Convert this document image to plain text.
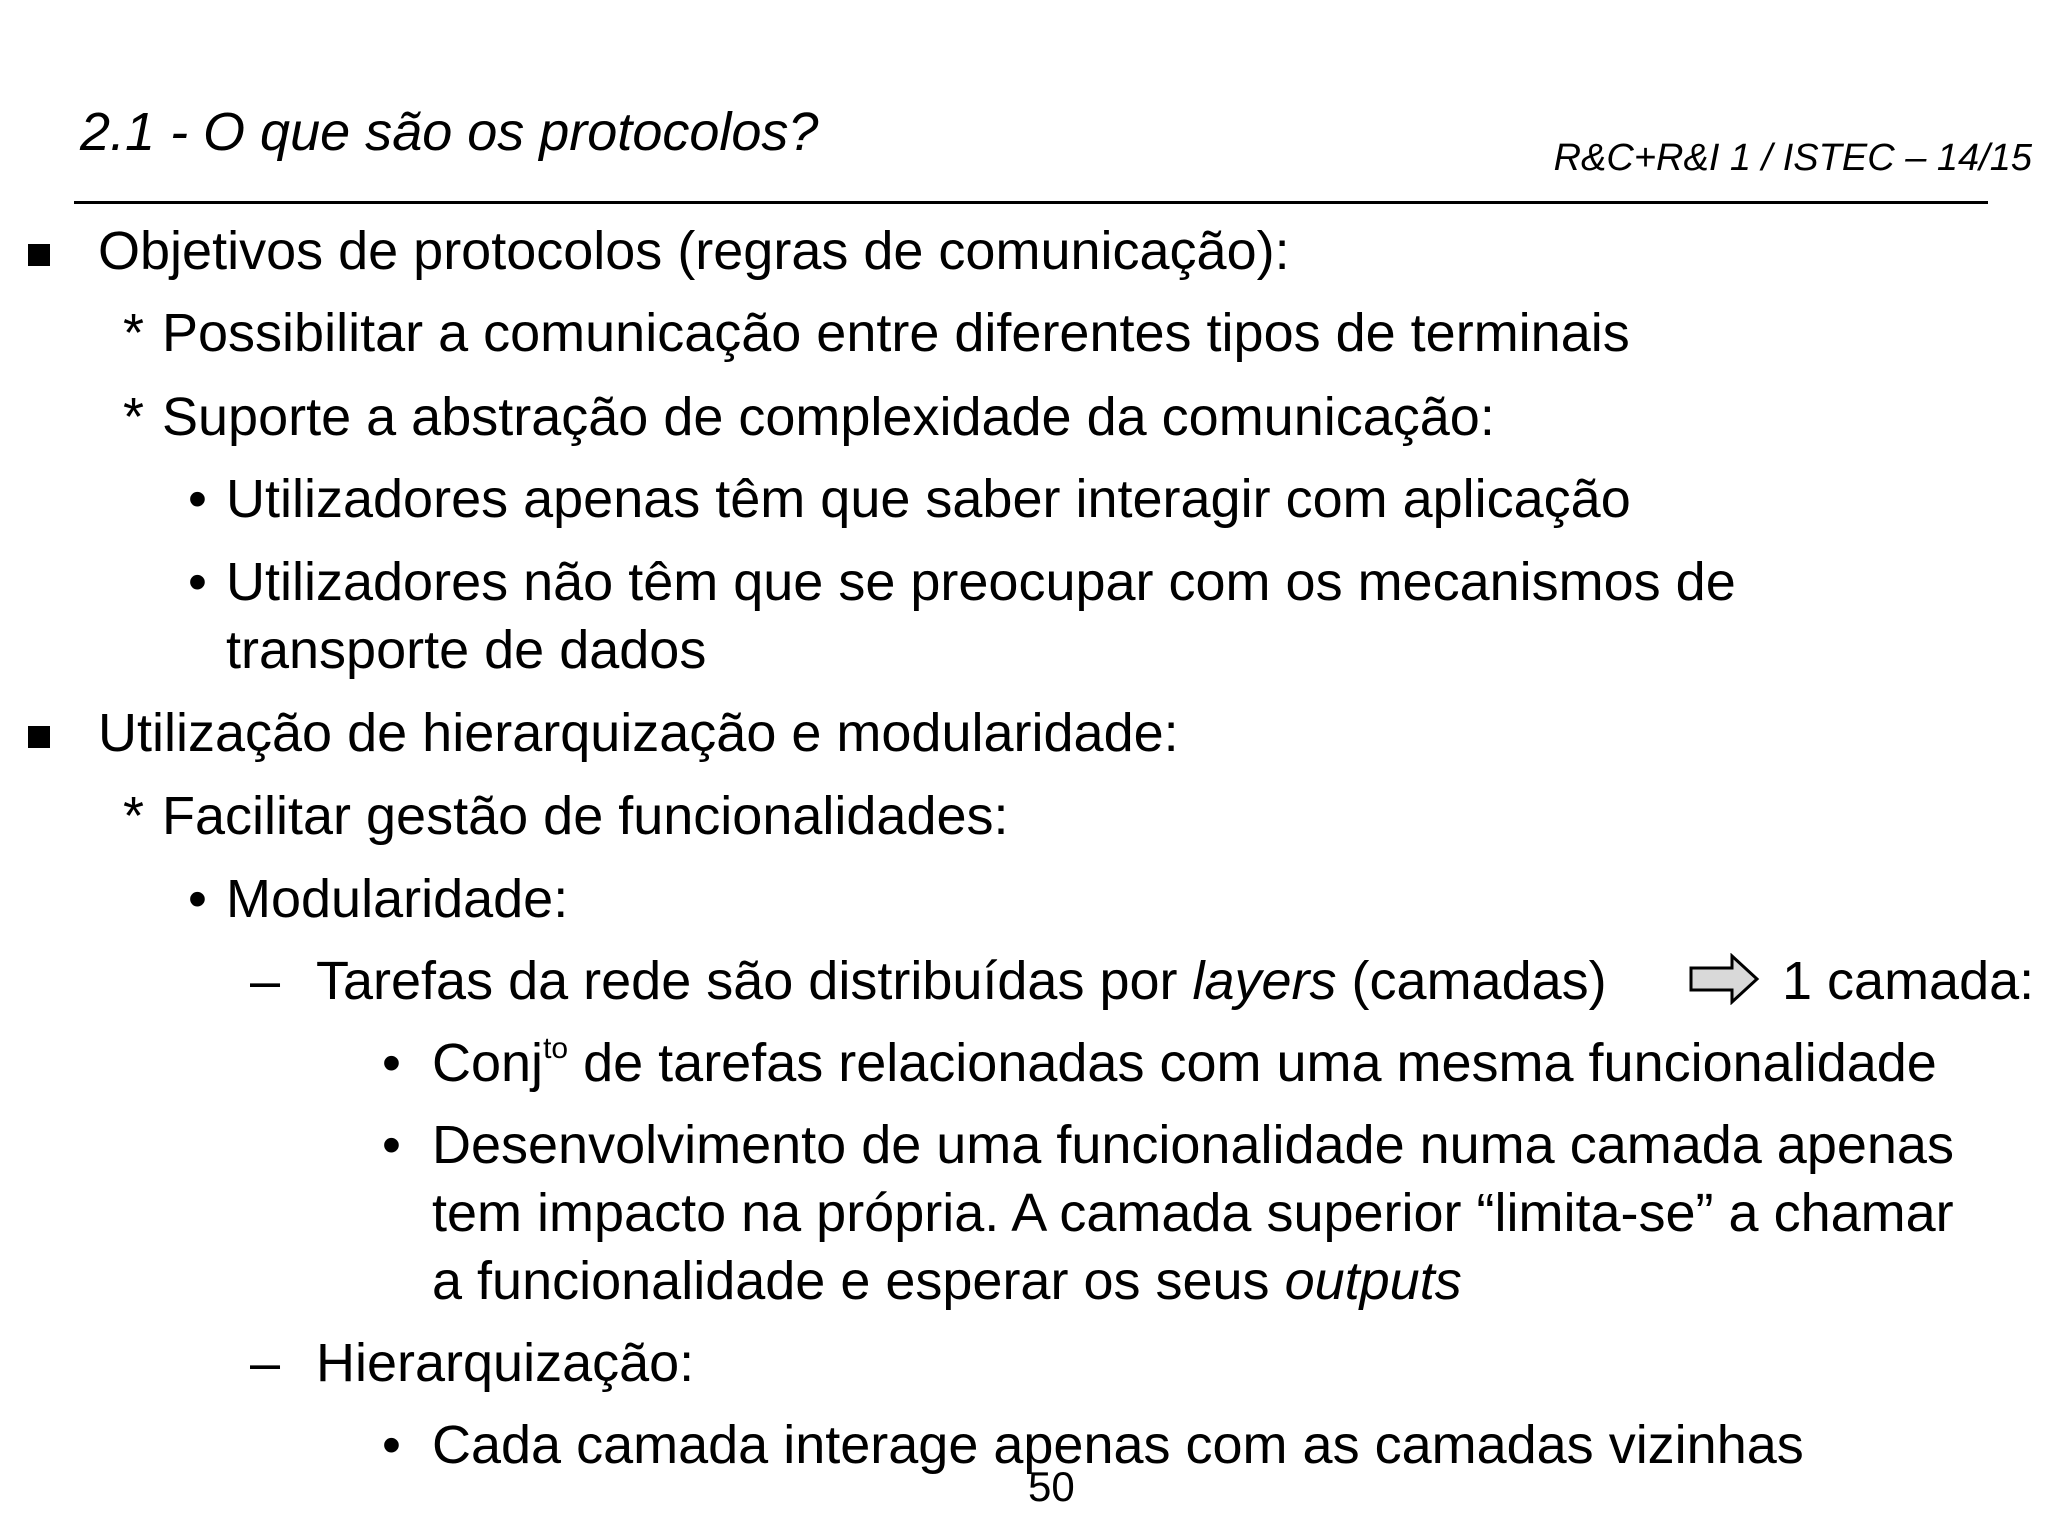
2.1 - O que são os protocolos?	R&C+R&I 1 / ISTEC – 14/15
Objetivos de protocolos (regras de comunicação):
* Possibilitar a comunicação entre diferentes tipos de terminais
* Suporte a abstração de complexidade da comunicação:
• Utilizadores apenas têm que saber interagir com aplicação
• Utilizadores não têm que se preocupar com os mecanismos de
transporte de dados
Utilização de hierarquização e modularidade:
* Facilitar gestão de funcionalidades:
• Modularidade:
– Tarefas da rede são distribuídas por layers (camadas)	1 camada:
• Conj$^{to}$ de tarefas relacionadas com uma mesma funcionalidade
• Desenvolvimento de uma funcionalidade numa camada apenas
tem impacto na própria. A camada superior “limita-se” a chamar
a funcionalidade e esperar os seus outputs
– Hierarquização:
• Cada camada interage apenas com as camadas vizinhas
50
